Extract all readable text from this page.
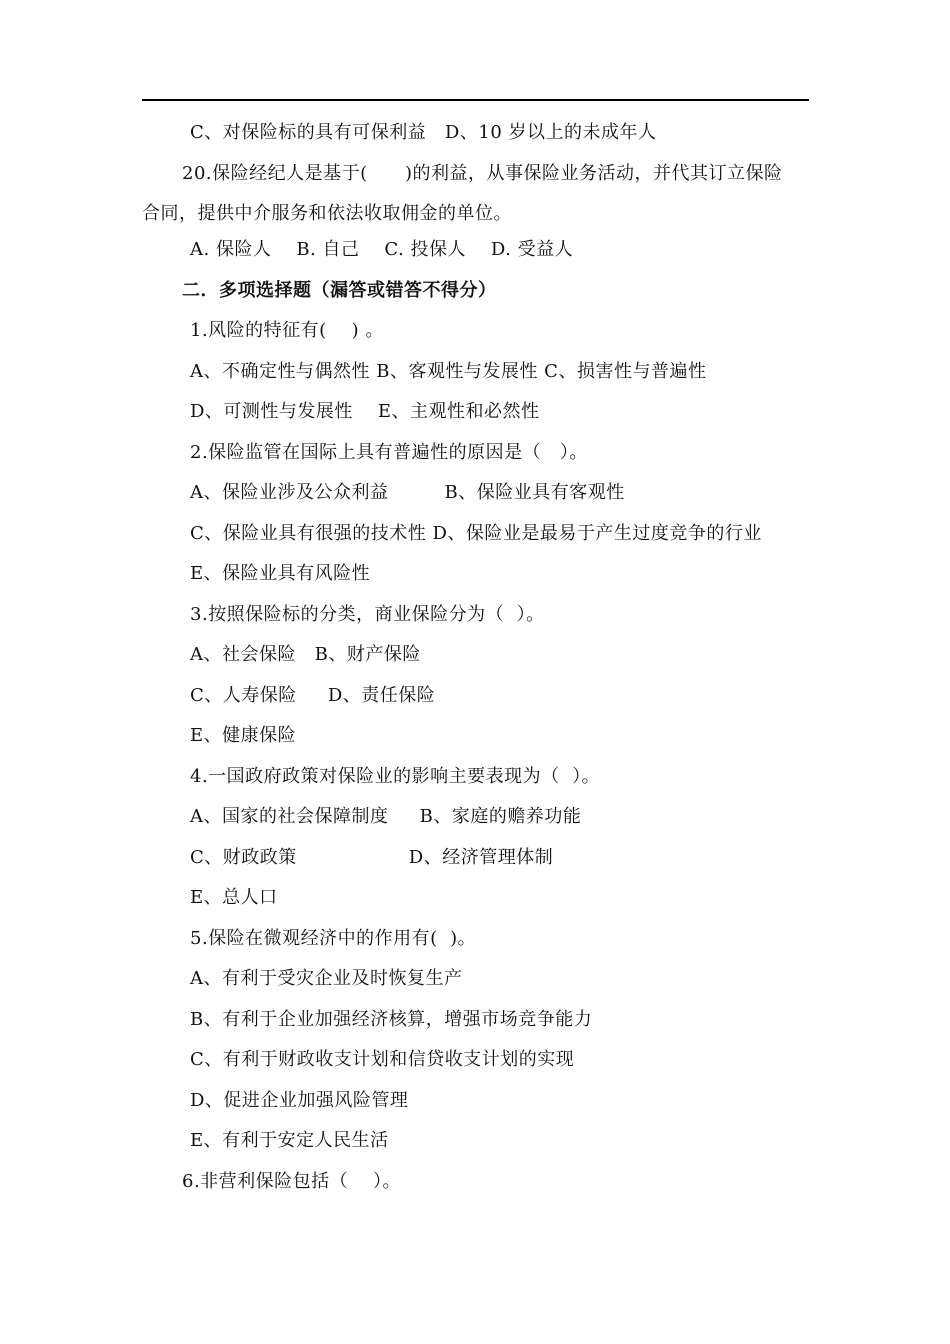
C、对保险标的具有可保利益   D、10 岁以上的未成年人
20.保险经纪人是基于(      )的利益，从事保险业务活动，并代其订立保险
合同，提供中介服务和依法收取佣金的单位。
A. 保险人    B. 自己    C. 投保人    D. 受益人
二．多项选择题（漏答或错答不得分）
1.风险的特征有(    ) 。
A、不确定性与偶然性 B、客观性与发展性 C、损害性与普遍性
D、可测性与发展性    E、主观性和必然性
2.保险监管在国际上具有普遍性的原因是（   ）。
A、保险业涉及公众利益         B、保险业具有客观性
C、保险业具有很强的技术性 D、保险业是最易于产生过度竞争的行业
E、保险业具有风险性
3.按照保险标的分类，商业保险分为（  ）。
A、社会保险   B、财产保险
C、人寿保险     D、责任保险
E、健康保险
4.一国政府政策对保险业的影响主要表现为（  ）。
A、国家的社会保障制度     B、家庭的赡养功能
C、财政政策                  D、经济管理体制
E、总人口
5.保险在微观经济中的作用有(  )。
A、有利于受灾企业及时恢复生产
B、有利于企业加强经济核算，增强市场竞争能力
C、有利于财政收支计划和信贷收支计划的实现
D、促进企业加强风险管理
E、有利于安定人民生活
6.非营利保险包括（    ）。
